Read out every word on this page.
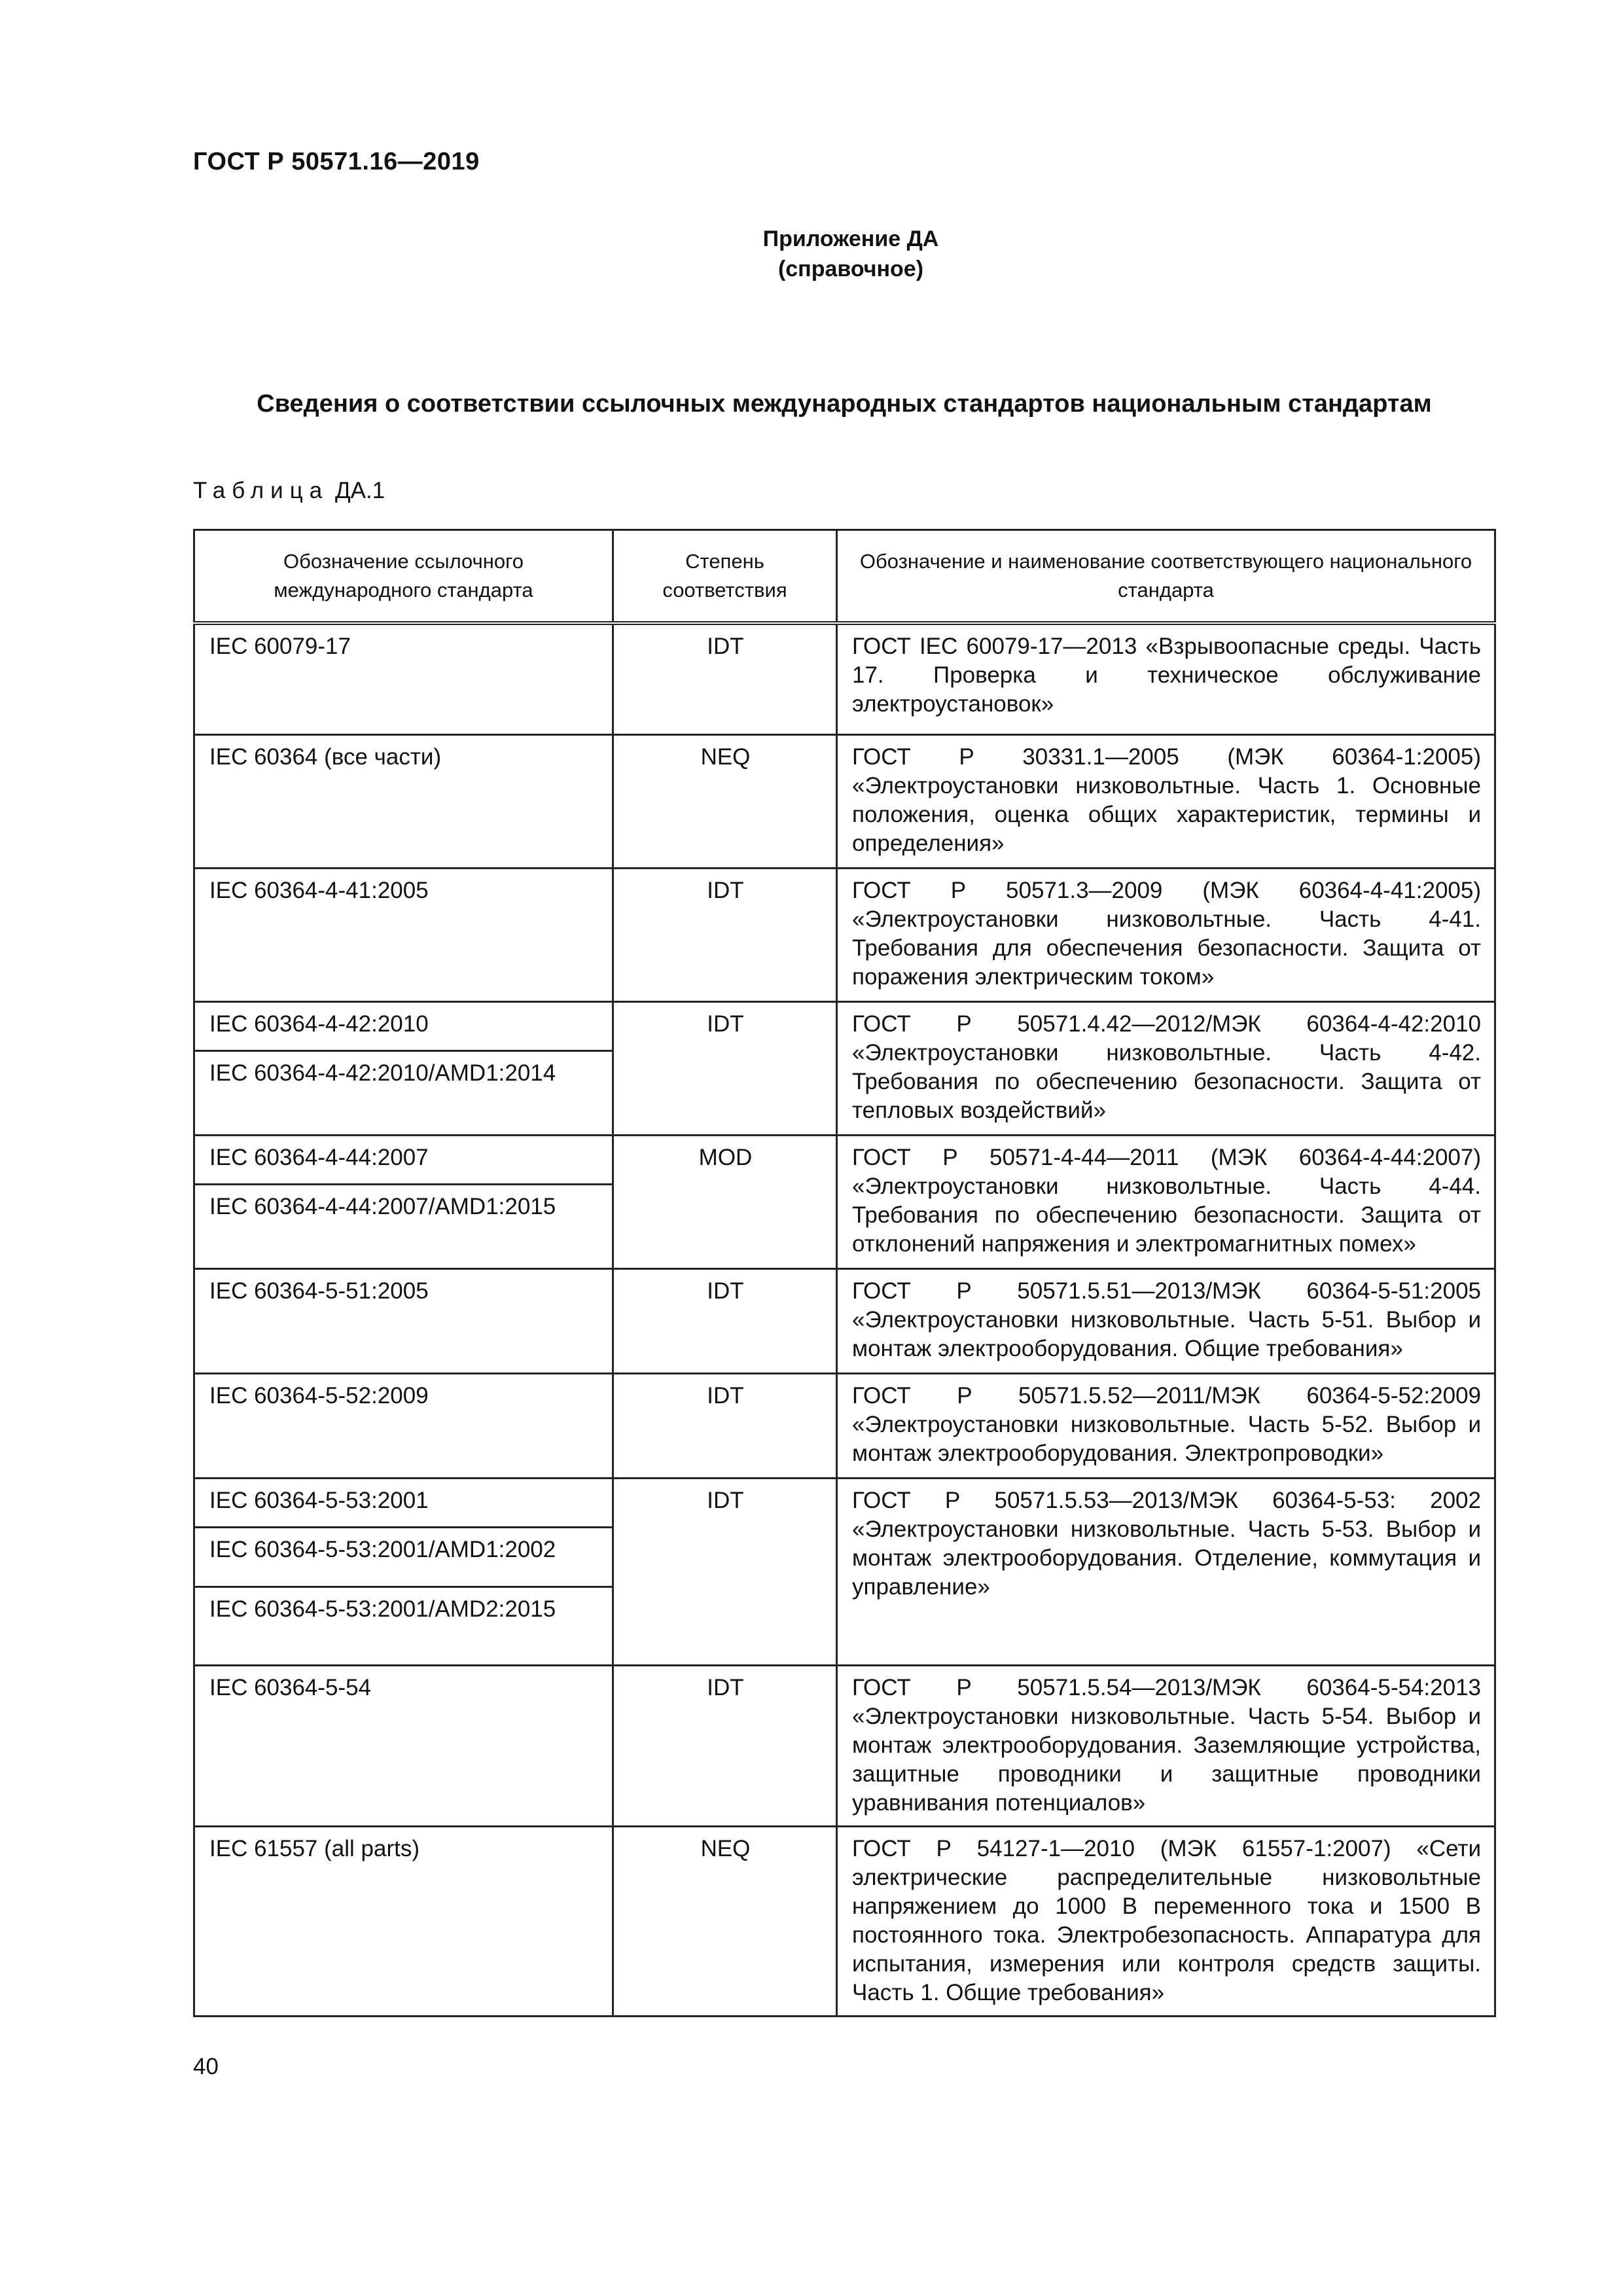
ГОСТ Р 50571.16—2019
Приложение ДА
(справочное)
Сведения о соответствии ссылочных международных стандартов национальным стандартам
Таблица ДА.1
Обозначение ссылочного международного стандарта	Степень соответствия	Обозначение и наименование соответствующего национального стандарта
IEC 60079-17	IDT	ГОСТ IEC 60079-17—2013 «Взрывоопасные среды. Часть 17. Проверка и техническое обслуживание электроустановок»
IEC 60364 (все части)	NEQ	ГОСТ Р 30331.1—2005 (МЭК 60364-1:2005) «Электроустановки низковольтные. Часть 1. Основные положения, оценка общих характеристик, термины и определения»
IEC 60364-4-41:2005	IDT	ГОСТ Р 50571.3—2009 (МЭК 60364-4-41:2005) «Электроустановки низковольтные. Часть 4-41. Требования для обеспечения безопасности. Защита от поражения электрическим током»
IEC 60364-4-42:2010	IDT	ГОСТ Р 50571.4.42—2012/МЭК 60364-4-42:2010 «Электроустановки низковольтные. Часть 4-42. Требования по обеспечению безопасности. Защита от тепловых воздействий»
IEC 60364-4-42:2010/AMD1:2014		
IEC 60364-4-44:2007	MOD	ГОСТ Р 50571-4-44—2011 (МЭК 60364-4-44:2007) «Электроустановки низковольтные. Часть 4-44. Требования по обеспечению безопасности. Защита от отклонений напряжения и электромагнитных помех»
IEC 60364-4-44:2007/AMD1:2015		
IEC 60364-5-51:2005	IDT	ГОСТ Р 50571.5.51—2013/МЭК 60364-5-51:2005 «Электроустановки низковольтные. Часть 5-51. Выбор и монтаж электрооборудования. Общие требования»
IEC 60364-5-52:2009	IDT	ГОСТ Р 50571.5.52—2011/МЭК 60364-5-52:2009 «Электроустановки низковольтные. Часть 5-52. Выбор и монтаж электрооборудования. Электропроводки»
IEC 60364-5-53:2001	IDT	ГОСТ Р 50571.5.53—2013/МЭК 60364-5-53: 2002 «Электроустановки низковольтные. Часть 5-53. Выбор и монтаж электрооборудования. Отделение, коммутация и управление»
IEC 60364-5-53:2001/AMD1:2002		
IEC 60364-5-53:2001/AMD2:2015		
IEC 60364-5-54	IDT	ГОСТ Р 50571.5.54—2013/МЭК 60364-5-54:2013 «Электроустановки низковольтные. Часть 5-54. Выбор и монтаж электрооборудования. Заземляющие устройства, защитные проводники и защитные проводники уравнивания потенциалов»
IEC 61557 (all parts)	NEQ	ГОСТ Р 54127-1—2010 (МЭК 61557-1:2007) «Сети электрические распределительные низковольтные напряжением до 1000 В переменного тока и 1500 В постоянного тока. Электробезопасность. Аппаратура для испытания, измерения или контроля средств защиты. Часть 1. Общие требования»
40
